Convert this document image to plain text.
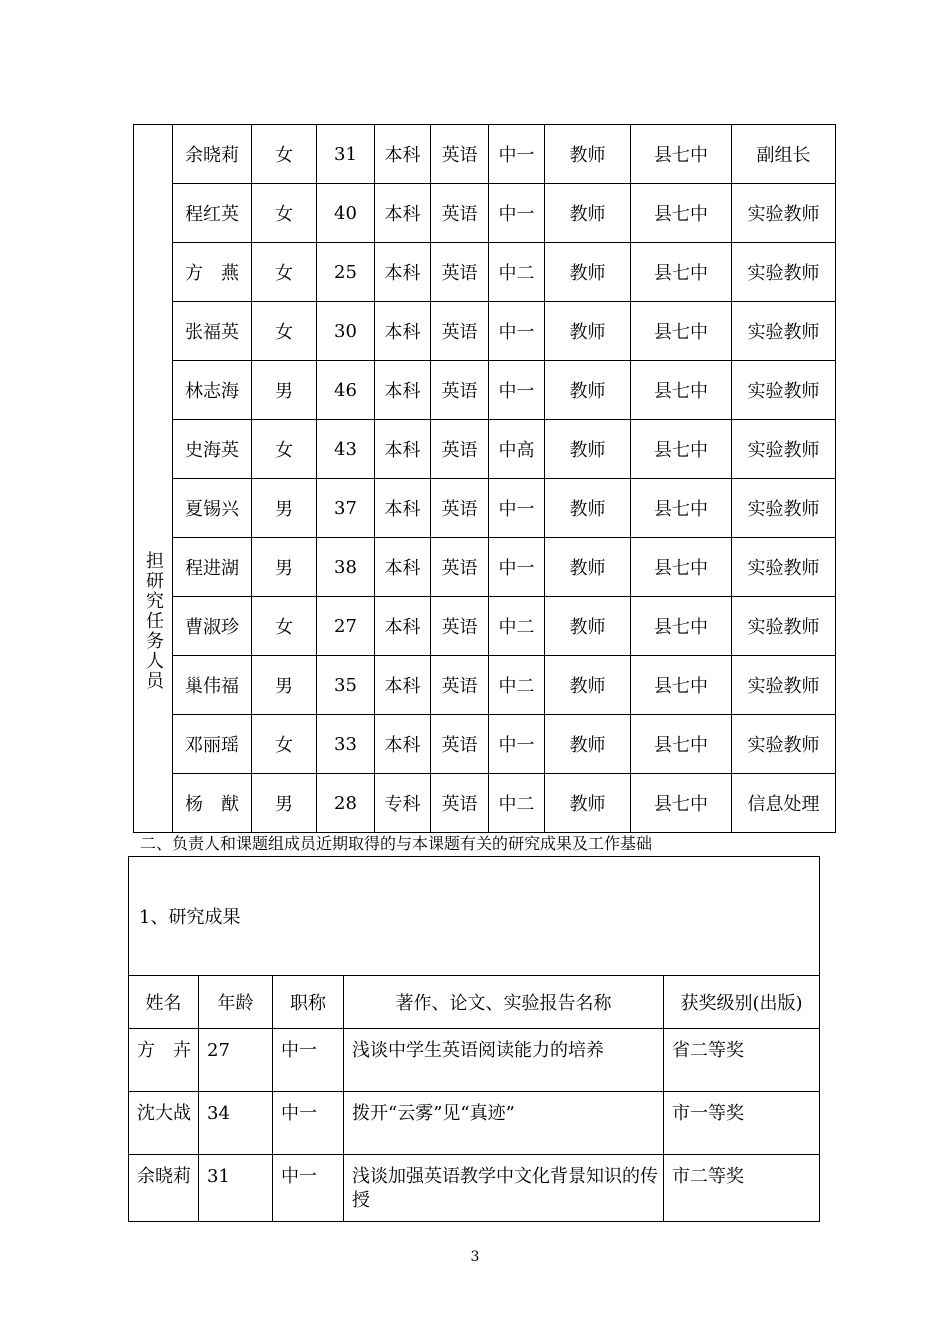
担研究任务人员	余晓莉	女	31	本科	英语	中一	教师	县七中	副组长
	程红英	女	40	本科	英语	中一	教师	县七中	实验教师
	方　燕	女	25	本科	英语	中二	教师	县七中	实验教师
	张福英	女	30	本科	英语	中一	教师	县七中	实验教师
	林志海	男	46	本科	英语	中一	教师	县七中	实验教师
	史海英	女	43	本科	英语	中高	教师	县七中	实验教师
	夏锡兴	男	37	本科	英语	中一	教师	县七中	实验教师
	程进湖	男	38	本科	英语	中一	教师	县七中	实验教师
	曹淑珍	女	27	本科	英语	中二	教师	县七中	实验教师
	巢伟福	男	35	本科	英语	中二	教师	县七中	实验教师
	邓丽瑶	女	33	本科	英语	中一	教师	县七中	实验教师
	杨　猷	男	28	专科	英语	中二	教师	县七中	信息处理
二、负责人和课题组成员近期取得的与本课题有关的研究成果及工作基础
1、研究成果				
姓名	年龄	职称	著作、论文、实验报告名称	获奖级别(出版)
方　卉	27	中一	浅谈中学生英语阅读能力的培养	省二等奖
沈大战	34	中一	拨开“云雾”见“真迹”	市一等奖
余晓莉	31	中一	浅谈加强英语教学中文化背景知识的传授	市二等奖
3
